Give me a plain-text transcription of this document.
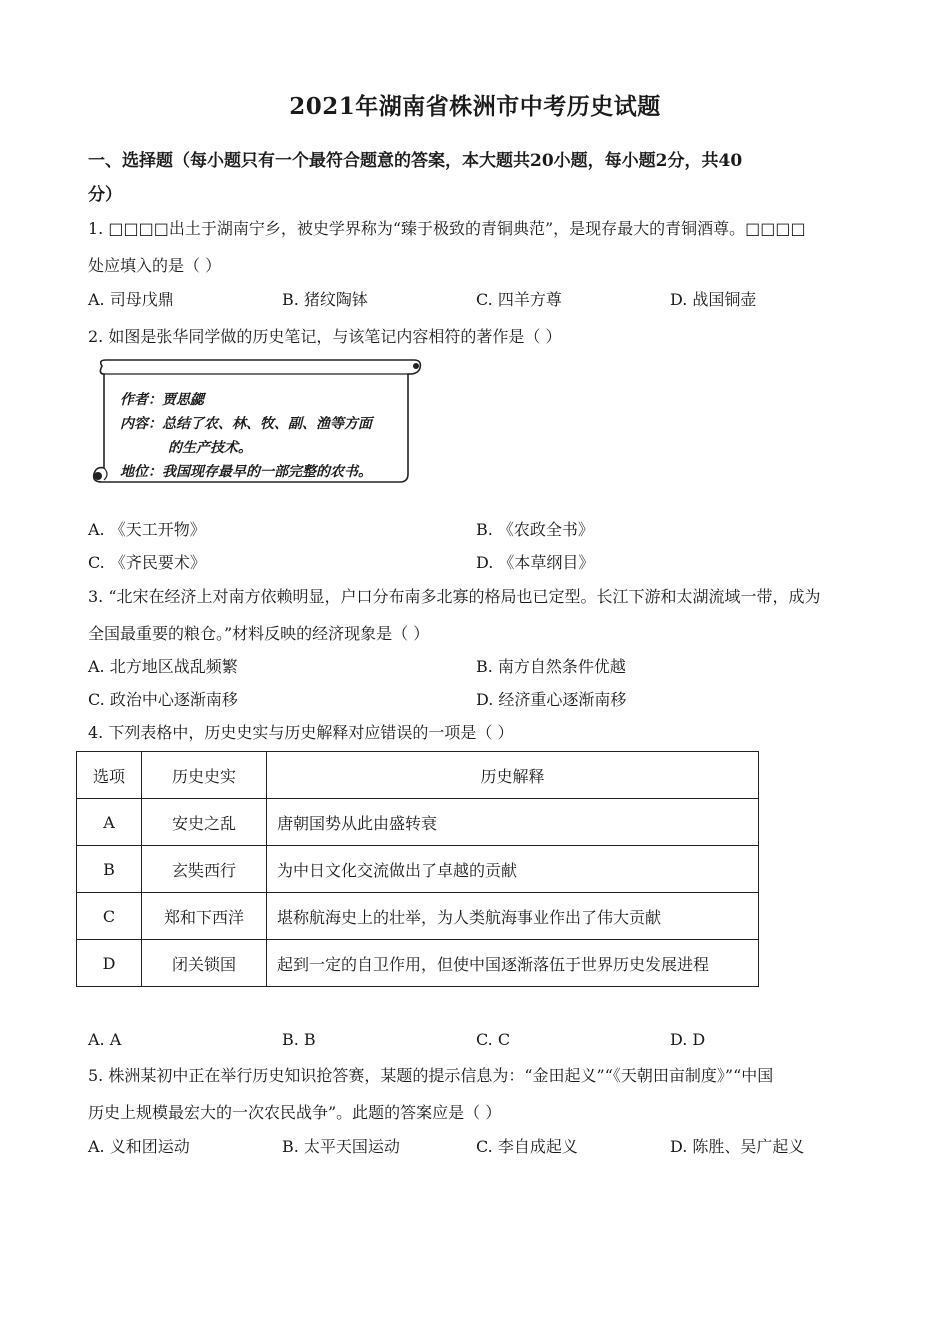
2021年湖南省株洲市中考历史试题
一、选择题（每小题只有一个最符合题意的答案，本大题共20小题，每小题2分，共40
分）
1. □□□□出土于湖南宁乡，被史学界称为“臻于极致的青铜典范”，是现存最大的青铜酒尊。□□□□
处应填入的是（ ）
A. 司母戊鼎	B. 猪纹陶钵	C. 四羊方尊	D. 战国铜壶
2. 如图是张华同学做的历史笔记，与该笔记内容相符的著作是（ ）
作者：贾思勰
内容：总结了农、林、牧、副、渔等方面
的生产技术。
地位：我国现存最早的一部完整的农书。
A. 《天工开物》	B. 《农政全书》
C. 《齐民要术》	D. 《本草纲目》
3. “北宋在经济上对南方依赖明显，户口分布南多北寡的格局也已定型。长江下游和太湖流域一带，成为
全国最重要的粮仓。”材料反映的经济现象是（ ）
A. 北方地区战乱频繁	B. 南方自然条件优越
C. 政治中心逐渐南移	D. 经济重心逐渐南移
4. 下列表格中，历史史实与历史解释对应错误的一项是（ ）
选项	历史史实	历史解释
A	安史之乱	唐朝国势从此由盛转衰
B	玄奘西行	为中日文化交流做出了卓越的贡献
C	郑和下西洋	堪称航海史上的壮举，为人类航海事业作出了伟大贡献
D	闭关锁国	起到一定的自卫作用，但使中国逐渐落伍于世界历史发展进程
A. A	B. B	C. C	D. D
5. 株洲某初中正在举行历史知识抢答赛，某题的提示信息为：“金田起义”“《天朝田亩制度》”“中国
历史上规模最宏大的一次农民战争”。此题的答案应是（ ）
A. 义和团运动	B. 太平天国运动	C. 李自成起义	D. 陈胜、吴广起义
